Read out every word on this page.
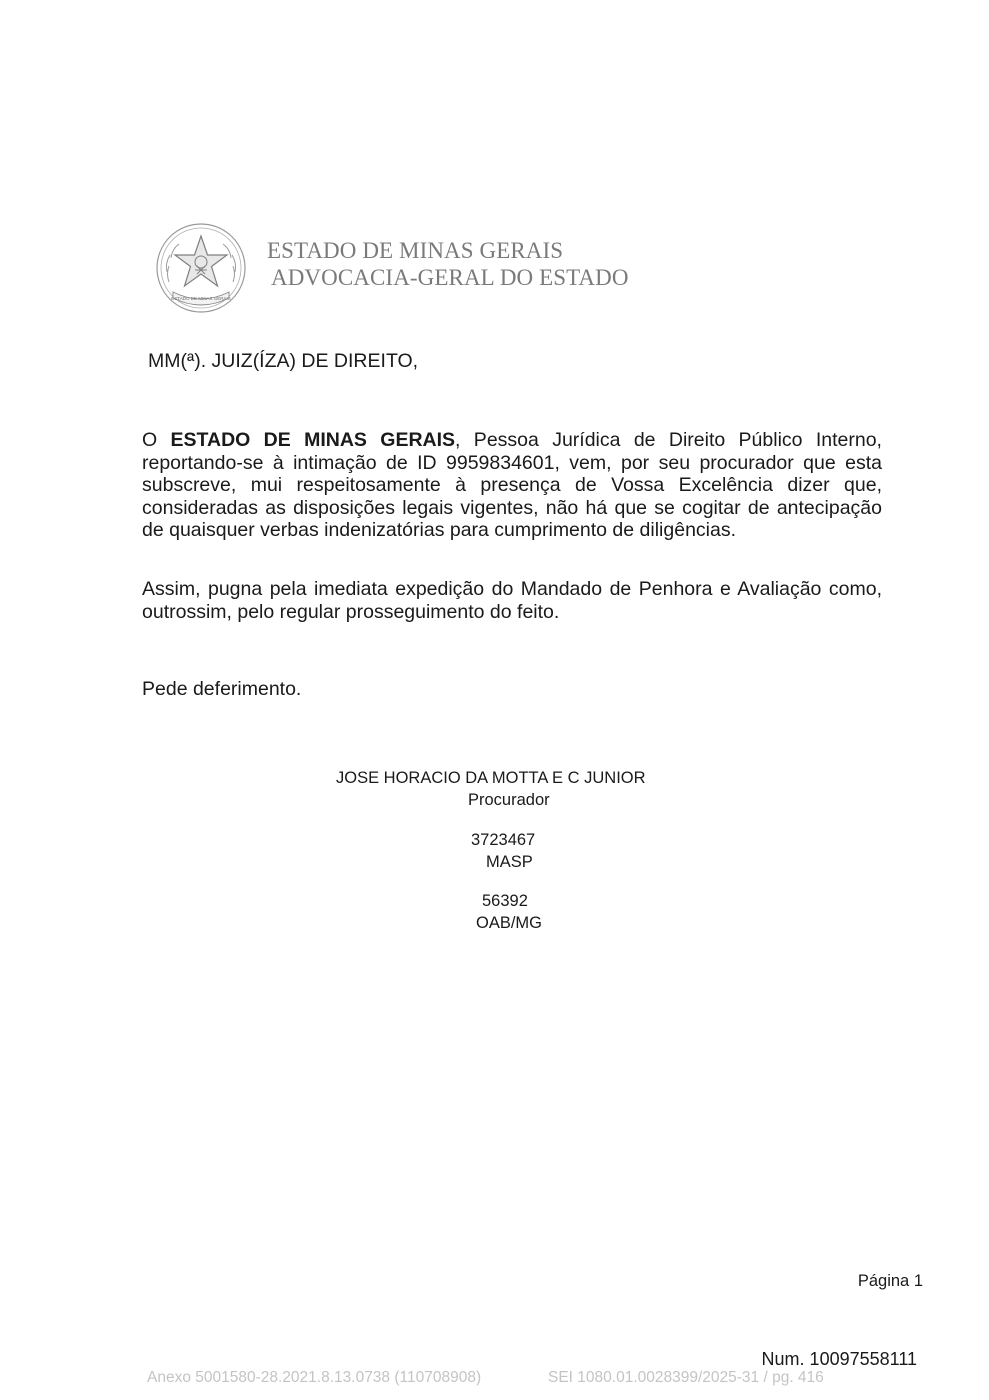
ESTADO DE MINAS GERAIS
ESTADO DE MINAS GERAIS
ADVOCACIA-GERAL DO ESTADO
MM(ª). JUIZ(ÍZA) DE DIREITO,

O ESTADO DE MINAS GERAIS, Pessoa Jurídica de Direito Público Interno, reportando-se à intimação de ID 9959834601, vem, por seu procurador que esta subscreve, mui respeitosamente à presença de Vossa Excelência dizer que, consideradas as disposições legais vigentes, não há que se cogitar de antecipação de quaisquer verbas indenizatórias para cumprimento de diligências.

Assim, pugna pela imediata expedição do Mandado de Penhora e Avaliação como, outrossim, pelo regular prosseguimento do feito.

Pede deferimento.
JOSE HORACIO DA MOTTA E C JUNIOR
Procurador
3723467
MASP
56392
OAB/MG
Página 1
Num. 10097558111
Anexo 5001580-28.2021.8.13.0738 (110708908)	SEI 1080.01.0028399/2025-31 / pg. 416
